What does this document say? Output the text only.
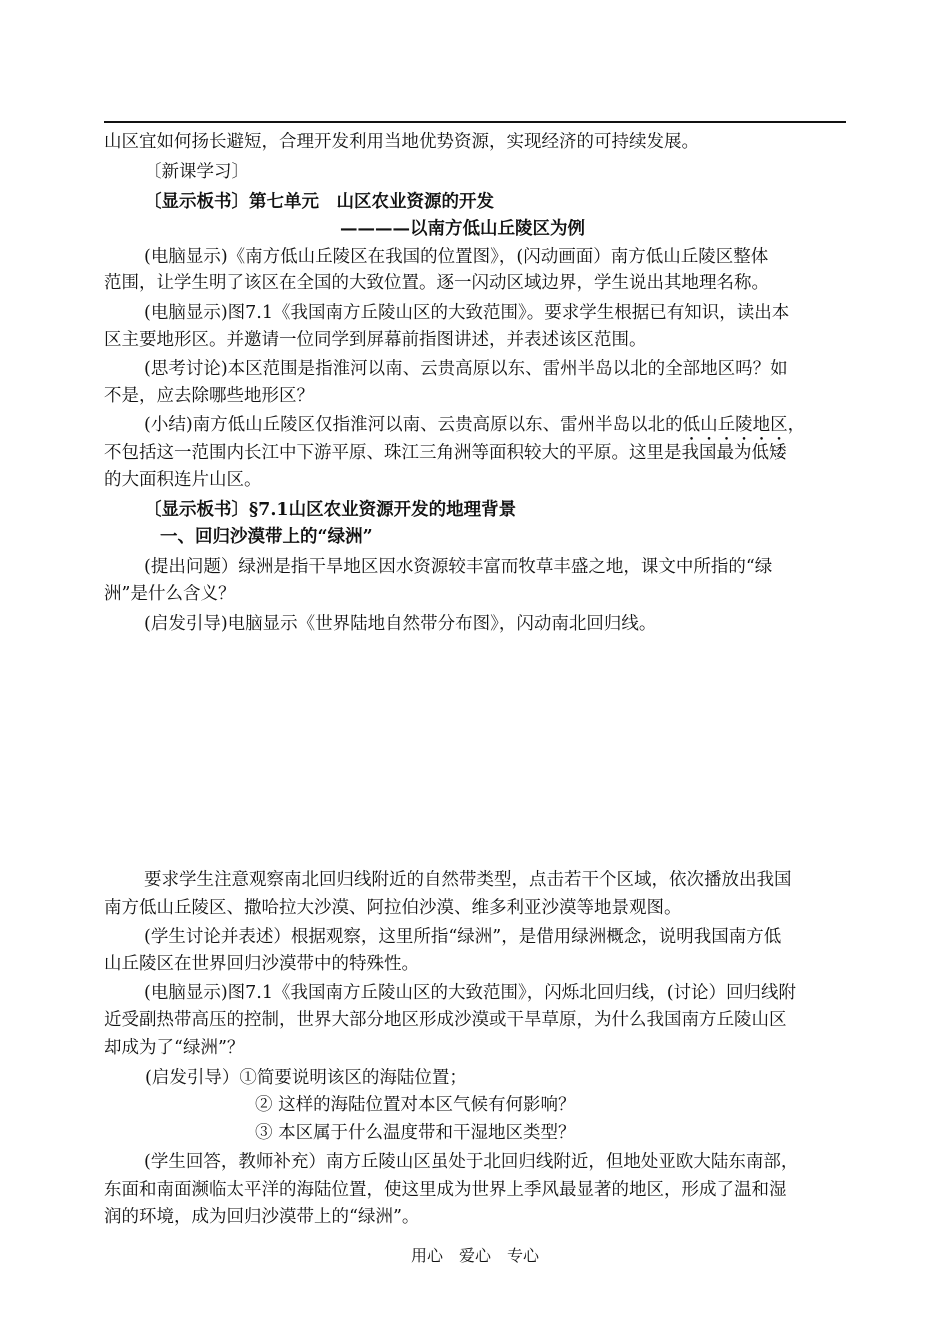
山区宜如何扬长避短，合理开发利用当地优势资源，实现经济的可持续发展。
〔新课学习〕
〔显示板书〕第七单元　山区农业资源的开发
————以南方低山丘陵区为例
(电脑显示)《南方低山丘陵区在我国的位置图》，(闪动画面）南方低山丘陵区整体
范围，让学生明了该区在全国的大致位置。逐一闪动区域边界，学生说出其地理名称。
(电脑显示)图7.1《我国南方丘陵山区的大致范围》。要求学生根据已有知识，读出本
区主要地形区。并邀请一位同学到屏幕前指图讲述，并表述该区范围。
(思考讨论)本区范围是指淮河以南、云贵高原以东、雷州半岛以北的全部地区吗？如
不是，应去除哪些地形区？
(小结)南方低山丘陵区仅指淮河以南、云贵高原以东、雷州半岛以北的低山丘陵地区，
不包括这一范围内长江中下游平原、珠江三角洲等面积较大的平原。这里是我国最为低矮
的大面积连片山区。
〔显示板书〕§7.1山区农业资源开发的地理背景
一、回归沙漠带上的“绿洲”
(提出问题）绿洲是指干旱地区因水资源较丰富而牧草丰盛之地，课文中所指的“绿
洲”是什么含义？
(启发引导)电脑显示《世界陆地自然带分布图》，闪动南北回归线。
要求学生注意观察南北回归线附近的自然带类型，点击若干个区域，依次播放出我国
南方低山丘陵区、撒哈拉大沙漠、阿拉伯沙漠、维多利亚沙漠等地景观图。
(学生讨论并表述）根据观察，这里所指“绿洲”，是借用绿洲概念，说明我国南方低
山丘陵区在世界回归沙漠带中的特殊性。
(电脑显示)图7.1《我国南方丘陵山区的大致范围》，闪烁北回归线，(讨论）回归线附
近受副热带高压的控制，世界大部分地区形成沙漠或干旱草原，为什么我国南方丘陵山区
却成为了“绿洲”？
(启发引导）①简要说明该区的海陆位置；
② 这样的海陆位置对本区气候有何影响？
③ 本区属于什么温度带和干湿地区类型？
(学生回答，教师补充）南方丘陵山区虽处于北回归线附近，但地处亚欧大陆东南部，
东面和南面濒临太平洋的海陆位置，使这里成为世界上季风最显著的地区，形成了温和湿
润的环境，成为回归沙漠带上的“绿洲”。
用心　爱心　专心
